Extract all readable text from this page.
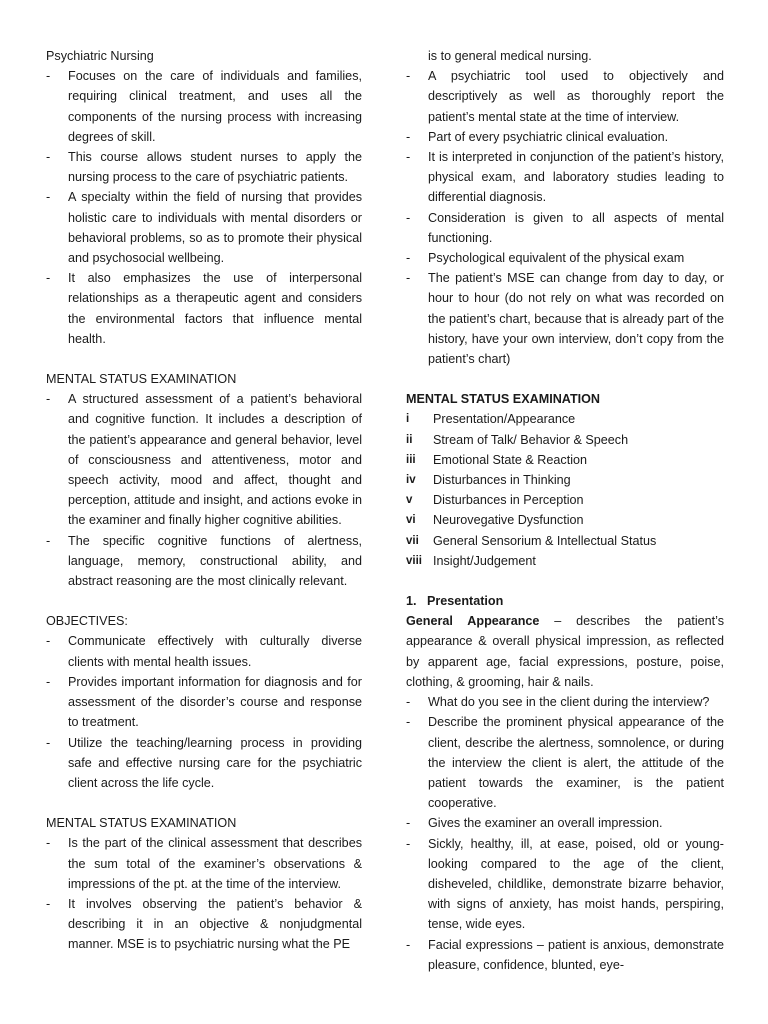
Psychiatric Nursing

- Focuses on the care of individuals and families, requiring clinical treatment, and uses all the components of the nursing process with increasing degrees of skill.
- This course allows student nurses to apply the nursing process to the care of psychiatric patients.
- A specialty within the field of nursing that provides holistic care to individuals with mental disorders or behavioral problems, so as to promote their physical and psychosocial wellbeing.
- It also emphasizes the use of interpersonal relationships as a therapeutic agent and considers the environmental factors that influence mental health.

MENTAL STATUS EXAMINATION

- A structured assessment of a patient’s behavioral and cognitive function. It includes a description of the patient’s appearance and general behavior, level of consciousness and attentiveness, motor and speech activity, mood and affect, thought and perception, attitude and insight, and actions evoke in the examiner and finally higher cognitive abilities.
- The specific cognitive functions of alertness, language, memory, constructional ability, and abstract reasoning are the most clinically relevant.

OBJECTIVES:

- Communicate effectively with culturally diverse clients with mental health issues.
- Provides important information for diagnosis and for assessment of the disorder’s course and response to treatment.
- Utilize the teaching/learning process in providing safe and effective nursing care for the psychiatric client across the life cycle.

MENTAL STATUS EXAMINATION

- Is the part of the clinical assessment that describes the sum total of the examiner’s observations & impressions of the pt. at the time of the interview.
- It involves observing the patient’s behavior & describing it in an objective & nonjudgmental manner. MSE is to psychiatric nursing what the PE

is to general medical nursing.

- A psychiatric tool used to objectively and descriptively as well as thoroughly report the patient’s mental state at the time of interview.
- Part of every psychiatric clinical evaluation.
- It is interpreted in conjunction of the patient’s history, physical exam, and laboratory studies leading to differential diagnosis.
- Consideration is given to all aspects of mental functioning.
- Psychological equivalent of the physical exam
- The patient’s MSE can change from day to day, or hour to hour (do not rely on what was recorded on the patient’s chart, because that is already part of the history, have your own interview, don’t copy from the patient’s chart)

MENTAL STATUS EXAMINATION

i	Presentation/Appearance
ii	Stream of Talk/ Behavior & Speech
iii	Emotional State & Reaction
iv	Disturbances in Thinking
v	Disturbances in Perception
vi	Neurovegative Dysfunction
vii	General Sensorium & Intellectual Status
viii Insight/Judgement

1.   Presentation

General Appearance – describes the patient’s appearance & overall physical impression, as reflected by apparent age, facial expressions, posture, poise, clothing, & grooming, hair & nails.

- What do you see in the client during the interview?
- Describe the prominent physical appearance of the client, describe the alertness, somnolence, or during the interview the client is alert, the attitude of the patient towards the examiner, is the patient cooperative.
- Gives the examiner an overall impression.
- Sickly, healthy, ill, at ease, poised, old or young-looking compared to the age of the client, disheveled, childlike, demonstrate bizarre behavior, with signs of anxiety, has moist hands, perspiring, tense, wide eyes.
- Facial expressions – patient is anxious, demonstrate pleasure, confidence, blunted, eye-
